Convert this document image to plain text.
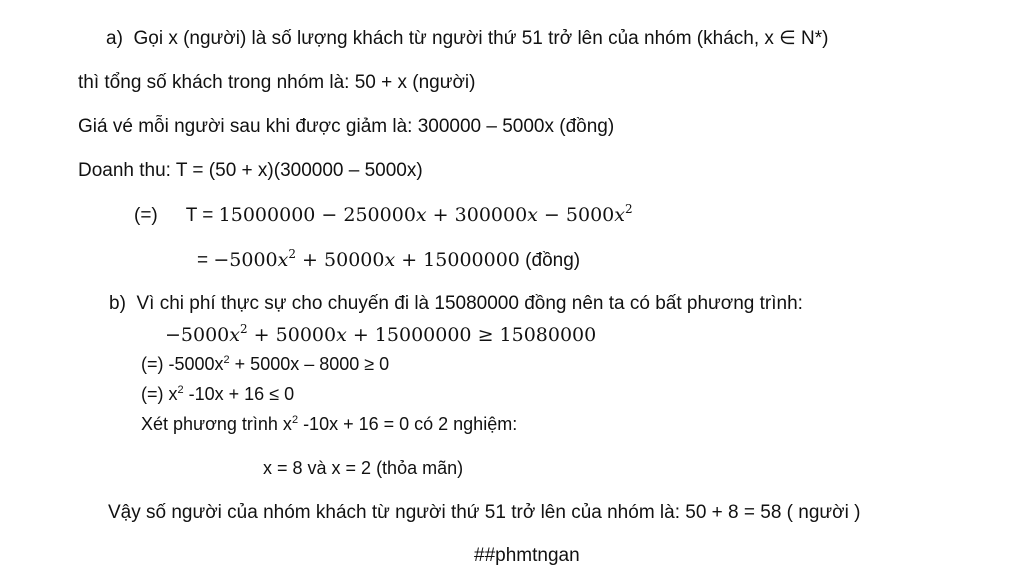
a) Gọi x (người) là số lượng khách từ người thứ 51 trở lên của nhóm (khách, x ∈ N*)
thì tổng số khách trong nhóm là: 50 + x (người)
Giá vé mỗi người sau khi được giảm là: 300000 – 5000x (đồng)
Doanh thu: T = (50 + x)(300000 – 5000x)
(=) $T = 15000000 - 250000x + 300000x - 5000x^2$
= $-5000x^2 + 50000x + 15000000$ (đồng)
b) Vì chi phí thực sự cho chuyến đi là 15080000 đồng nên ta có bất phương trình:
$-5000x^2 + 50000x + 15000000 \ge 15080000$
(=) $-5000x^2 + 5000x - 8000 \ge 0$
(=) $x^2$ -10x + 16 ≤ 0
Xét phương trình $x^2$ -10x + 16 = 0 có 2 nghiệm:
x = 8 và x = 2 (thỏa mãn)
Vậy số người của nhóm khách từ người thứ 51 trở lên của nhóm là: 50 + 8 = 58 ( người )
##phmtngan
